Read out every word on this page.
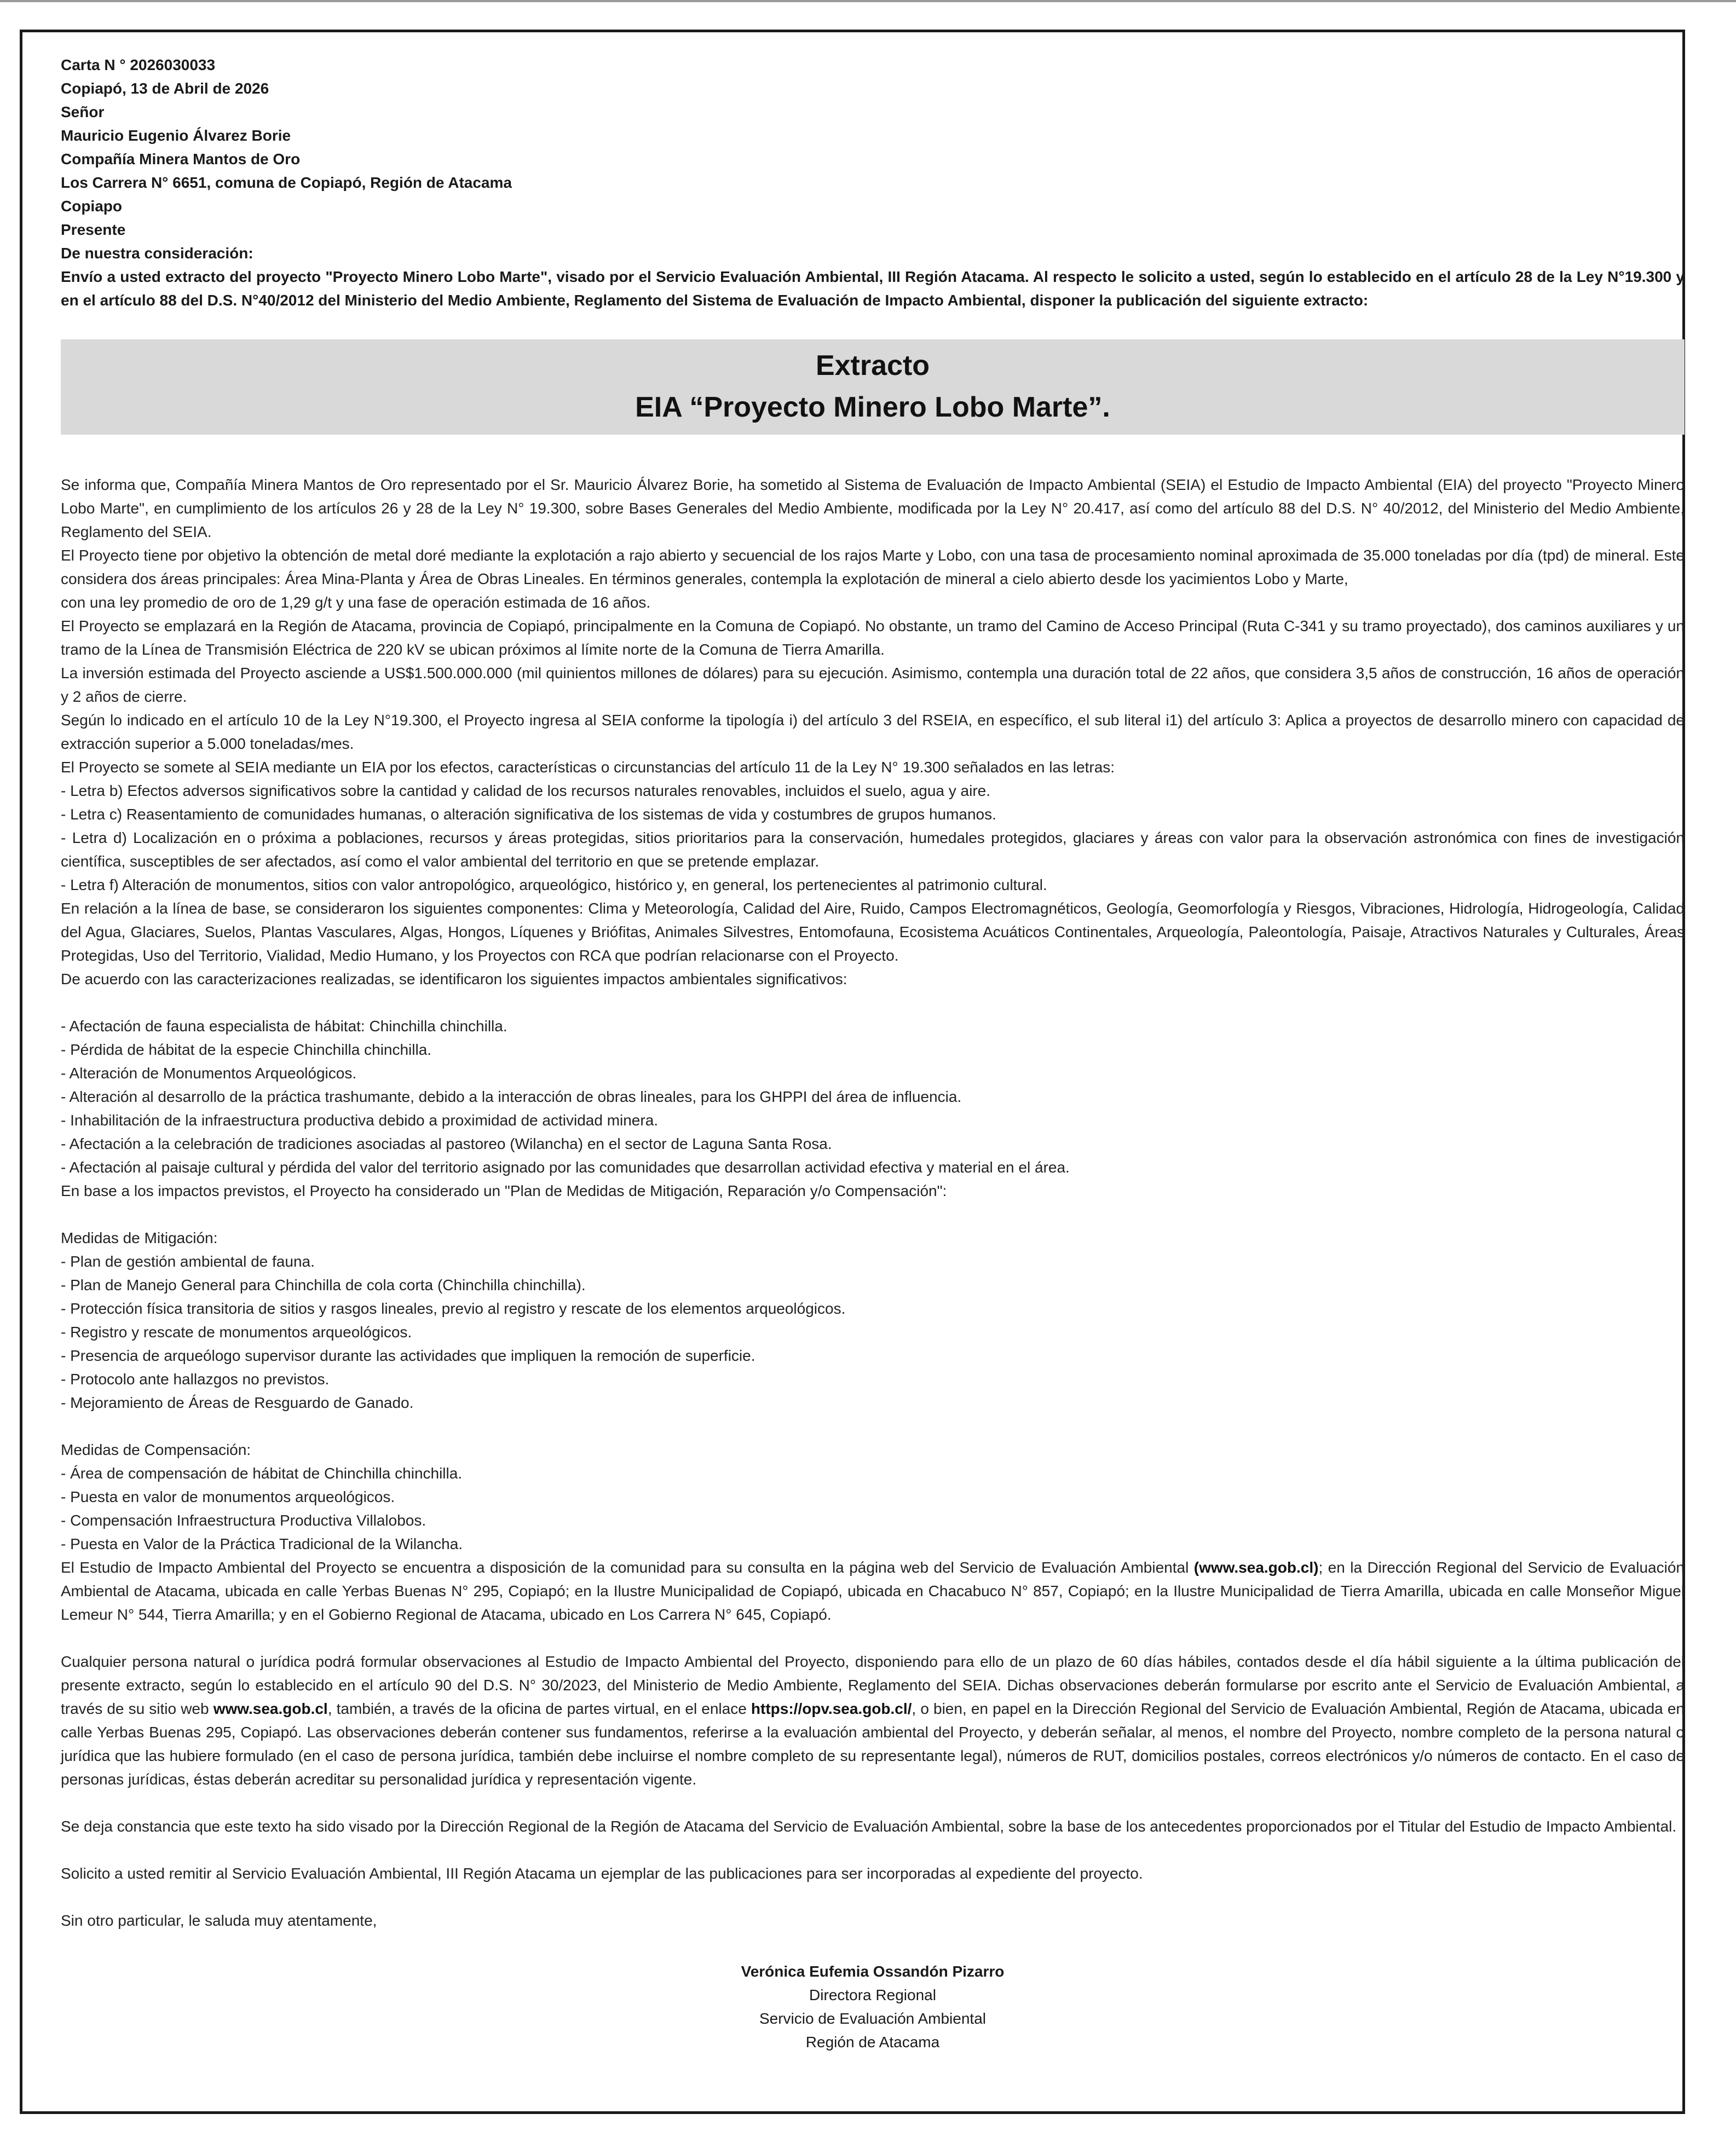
Carta N ° 2026030033

Copiapó, 13 de Abril de 2026

Señor

Mauricio Eugenio Álvarez Borie

Compañía Minera Mantos de Oro

Los Carrera N° 6651, comuna de Copiapó, Región de Atacama

Copiapo

Presente

De nuestra consideración:

Envío a usted extracto del proyecto "Proyecto Minero Lobo Marte", visado por el Servicio Evaluación Ambiental, III Región Atacama. Al respecto le solicito a usted, según lo establecido en el artículo 28 de la Ley N°19.300 y en el artículo 88 del D.S. N°40/2012 del Ministerio del Medio Ambiente, Reglamento del Sistema de Evaluación de Impacto Ambiental, disponer la publicación del siguiente extracto:

Extracto
EIA “Proyecto Minero Lobo Marte”.

Se informa que, Compañía Minera Mantos de Oro representado por el Sr. Mauricio Álvarez Borie, ha sometido al Sistema de Evaluación de Impacto Ambiental (SEIA) el Estudio de Impacto Ambiental (EIA) del proyecto "Proyecto Minero Lobo Marte", en cumplimiento de los artículos 26 y 28 de la Ley N° 19.300, sobre Bases Generales del Medio Ambiente, modificada por la Ley N° 20.417, así como del artículo 88 del D.S. N° 40/2012, del Ministerio del Medio Ambiente, Reglamento del SEIA.

El Proyecto tiene por objetivo la obtención de metal doré mediante la explotación a rajo abierto y secuencial de los rajos Marte y Lobo, con una tasa de procesamiento nominal aproximada de 35.000 toneladas por día (tpd) de mineral. Este considera dos áreas principales: Área Mina-Planta y Área de Obras Lineales. En términos generales, contempla la explotación de mineral a cielo abierto desde los yacimientos Lobo y Marte,

con una ley promedio de oro de 1,29 g/t y una fase de operación estimada de 16 años.

El Proyecto se emplazará en la Región de Atacama, provincia de Copiapó, principalmente en la Comuna de Copiapó. No obstante, un tramo del Camino de Acceso Principal (Ruta C-341 y su tramo proyectado), dos caminos auxiliares y un tramo de la Línea de Transmisión Eléctrica de 220 kV se ubican próximos al límite norte de la Comuna de Tierra Amarilla.

La inversión estimada del Proyecto asciende a US$1.500.000.000 (mil quinientos millones de dólares) para su ejecución. Asimismo, contempla una duración total de 22 años, que considera 3,5 años de construcción, 16 años de operación y 2 años de cierre.

Según lo indicado en el artículo 10 de la Ley N°19.300, el Proyecto ingresa al SEIA conforme la tipología i) del artículo 3 del RSEIA, en específico, el sub literal i1) del artículo 3: Aplica a proyectos de desarrollo minero con capacidad de extracción superior a 5.000 toneladas/mes.

El Proyecto se somete al SEIA mediante un EIA por los efectos, características o circunstancias del artículo 11 de la Ley N° 19.300 señalados en las letras:

- Letra b) Efectos adversos significativos sobre la cantidad y calidad de los recursos naturales renovables, incluidos el suelo, agua y aire.

- Letra c) Reasentamiento de comunidades humanas, o alteración significativa de los sistemas de vida y costumbres de grupos humanos.

- Letra d) Localización en o próxima a poblaciones, recursos y áreas protegidas, sitios prioritarios para la conservación, humedales protegidos, glaciares y áreas con valor para la observación astronómica con fines de investigación científica, susceptibles de ser afectados, así como el valor ambiental del territorio en que se pretende emplazar.

- Letra f) Alteración de monumentos, sitios con valor antropológico, arqueológico, histórico y, en general, los pertenecientes al patrimonio cultural.

En relación a la línea de base, se consideraron los siguientes componentes: Clima y Meteorología, Calidad del Aire, Ruido, Campos Electromagnéticos, Geología, Geomorfología y Riesgos, Vibraciones, Hidrología, Hidrogeología, Calidad del Agua, Glaciares, Suelos, Plantas Vasculares, Algas, Hongos, Líquenes y Briófitas, Animales Silvestres, Entomofauna, Ecosistema Acuáticos Continentales, Arqueología, Paleontología, Paisaje, Atractivos Naturales y Culturales, Áreas Protegidas, Uso del Territorio, Vialidad, Medio Humano, y los Proyectos con RCA que podrían relacionarse con el Proyecto.

De acuerdo con las caracterizaciones realizadas, se identificaron los siguientes impactos ambientales significativos:

- Afectación de fauna especialista de hábitat: Chinchilla chinchilla.

- Pérdida de hábitat de la especie Chinchilla chinchilla.

- Alteración de Monumentos Arqueológicos.

- Alteración al desarrollo de la práctica trashumante, debido a la interacción de obras lineales, para los GHPPI del área de influencia.

- Inhabilitación de la infraestructura productiva debido a proximidad de actividad minera.

- Afectación a la celebración de tradiciones asociadas al pastoreo (Wilancha) en el sector de Laguna Santa Rosa.

- Afectación al paisaje cultural y pérdida del valor del territorio asignado por las comunidades que desarrollan actividad efectiva y material en el área.

En base a los impactos previstos, el Proyecto ha considerado un "Plan de Medidas de Mitigación, Reparación y/o Compensación":

Medidas de Mitigación:

- Plan de gestión ambiental de fauna.

- Plan de Manejo General para Chinchilla de cola corta (Chinchilla chinchilla).

- Protección física transitoria de sitios y rasgos lineales, previo al registro y rescate de los elementos arqueológicos.

- Registro y rescate de monumentos arqueológicos.

- Presencia de arqueólogo supervisor durante las actividades que impliquen la remoción de superficie.

- Protocolo ante hallazgos no previstos.

- Mejoramiento de Áreas de Resguardo de Ganado.

Medidas de Compensación:

- Área de compensación de hábitat de Chinchilla chinchilla.

- Puesta en valor de monumentos arqueológicos.

- Compensación Infraestructura Productiva Villalobos.

- Puesta en Valor de la Práctica Tradicional de la Wilancha.

El Estudio de Impacto Ambiental del Proyecto se encuentra a disposición de la comunidad para su consulta en la página web del Servicio de Evaluación Ambiental (www.sea.gob.cl); en la Dirección Regional del Servicio de Evaluación Ambiental de Atacama, ubicada en calle Yerbas Buenas N° 295, Copiapó; en la Ilustre Municipalidad de Copiapó, ubicada en Chacabuco N° 857, Copiapó; en la Ilustre Municipalidad de Tierra Amarilla, ubicada en calle Monseñor Miguel Lemeur N° 544, Tierra Amarilla; y en el Gobierno Regional de Atacama, ubicado en Los Carrera N° 645, Copiapó.

Cualquier persona natural o jurídica podrá formular observaciones al Estudio de Impacto Ambiental del Proyecto, disponiendo para ello de un plazo de 60 días hábiles, contados desde el día hábil siguiente a la última publicación del presente extracto, según lo establecido en el artículo 90 del D.S. N° 30/2023, del Ministerio de Medio Ambiente, Reglamento del SEIA. Dichas observaciones deberán formularse por escrito ante el Servicio de Evaluación Ambiental, a través de su sitio web www.sea.gob.cl, también, a través de la oficina de partes virtual, en el enlace https://opv.sea.gob.cl/, o bien, en papel en la Dirección Regional del Servicio de Evaluación Ambiental, Región de Atacama, ubicada en calle Yerbas Buenas 295, Copiapó. Las observaciones deberán contener sus fundamentos, referirse a la evaluación ambiental del Proyecto, y deberán señalar, al menos, el nombre del Proyecto, nombre completo de la persona natural o jurídica que las hubiere formulado (en el caso de persona jurídica, también debe incluirse el nombre completo de su representante legal), números de RUT, domicilios postales, correos electrónicos y/o números de contacto. En el caso de personas jurídicas, éstas deberán acreditar su personalidad jurídica y representación vigente.

Se deja constancia que este texto ha sido visado por la Dirección Regional de la Región de Atacama del Servicio de Evaluación Ambiental, sobre la base de los antecedentes proporcionados por el Titular del Estudio de Impacto Ambiental.

Solicito a usted remitir al Servicio Evaluación Ambiental, III Región Atacama un ejemplar de las publicaciones para ser incorporadas al expediente del proyecto.

Sin otro particular, le saluda muy atentamente,

Verónica Eufemia Ossandón Pizarro

Directora Regional

Servicio de Evaluación Ambiental

Región de Atacama
